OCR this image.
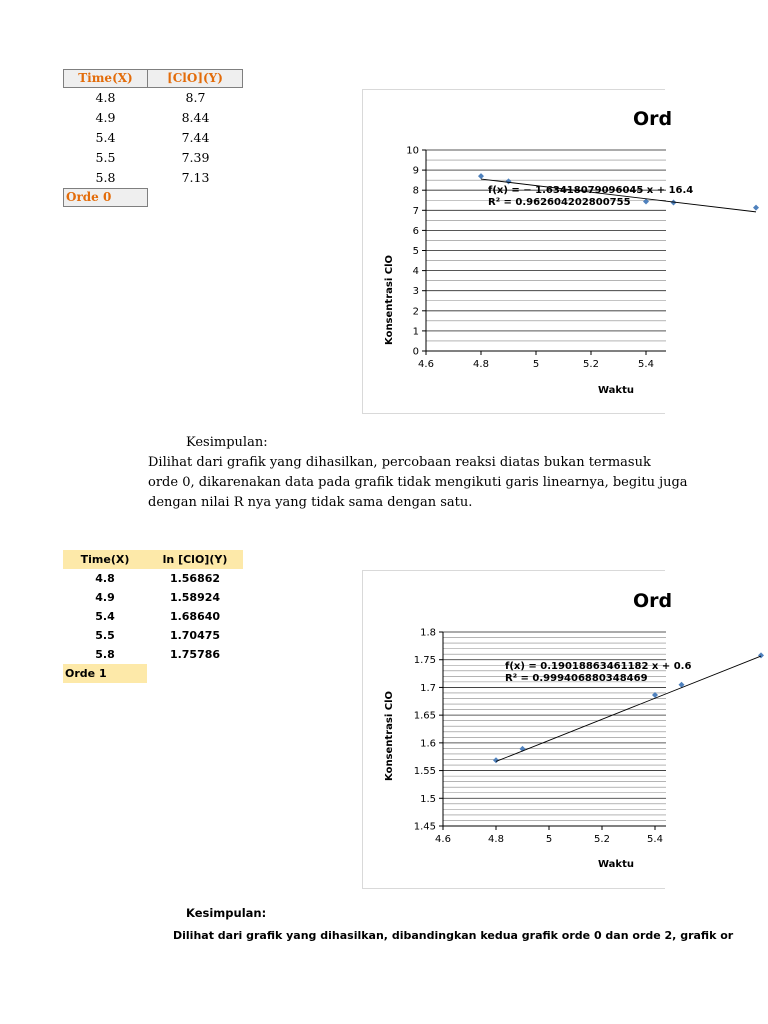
Time(X)	[ClO](Y)
4.8	8.7
4.9	8.44
5.4	7.44
5.5	7.39
5.8	7.13
Orde 0
Ord
4.6	4.8	5	5.2	5.4
0
1
2
3
4
5
6
7
8
9
10
f(x) = − 1.63418079096045 x + 16.4
R² = 0.962604202800755
Waktu
Konsentrasi ClO
Kesimpulan:
Dilihat dari grafik yang dihasilkan, percobaan reaksi diatas bukan termasuk
orde 0, dikarenakan data pada grafik tidak mengikuti garis linearnya, begitu juga
dengan nilai R nya yang tidak sama dengan satu.
Time(X)	ln [ClO](Y)
4.8	1.56862
4.9	1.58924
5.4	1.68640
5.5	1.70475
5.8	1.75786
Orde 1
Ord
4.6	4.8	5	5.2	5.4
1.45
1.5
1.55
1.6
1.65
1.7
1.75
1.8
f(x) = 0.19018863461182 x + 0.6
R² = 0.999406880348469
Waktu
Konsentrasi ClO
Kesimpulan:
Dilihat dari grafik yang dihasilkan, dibandingkan kedua grafik orde 0 dan orde 2, grafik or
